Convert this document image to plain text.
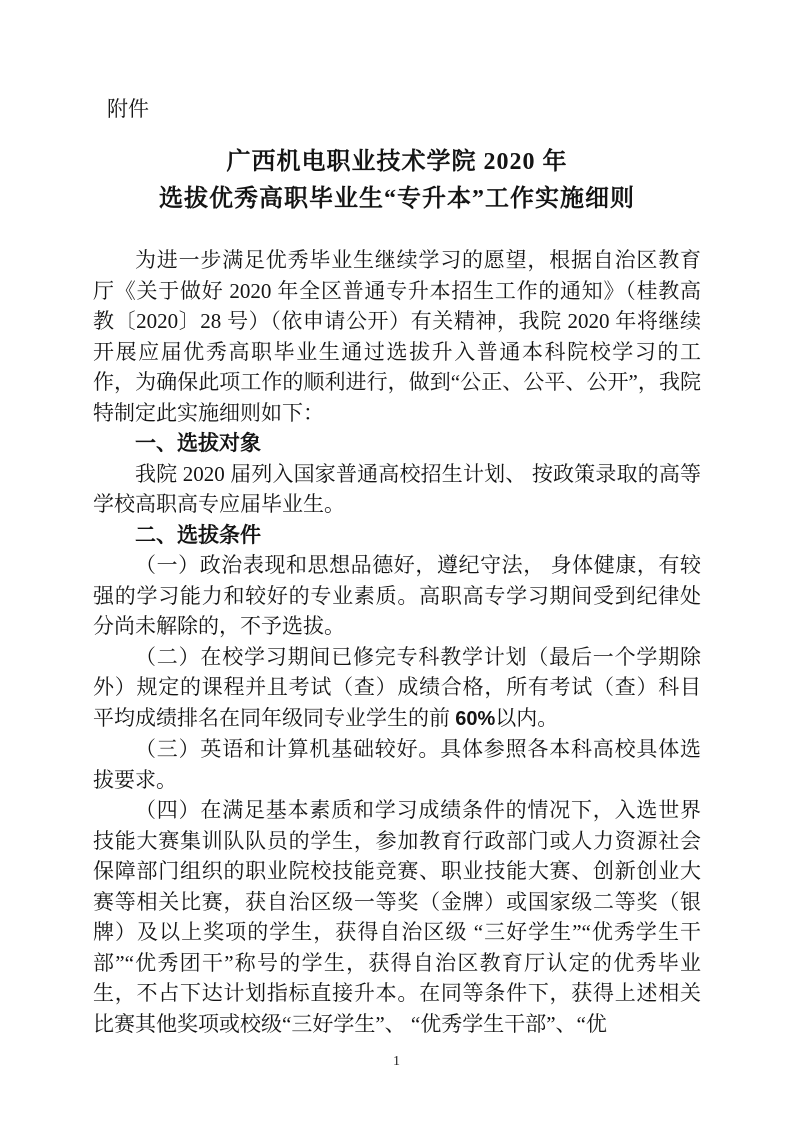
附件
广西机电职业技术学院 2020 年
选拔优秀高职毕业生“专升本”工作实施细则

为进一步满足优秀毕业生继续学习的愿望，根据自治区教育厅《关于做好 2020 年全区普通专升本招生工作的通知》（桂教高教〔2020〕28 号）（依申请公开）有关精神，我院 2020 年将继续开展应届优秀高职毕业生通过选拔升入普通本科院校学习的工作，为确保此项工作的顺利进行，做到“公正、公平、公开”，我院特制定此实施细则如下：

一、选拔对象

我院 2020 届列入国家普通高校招生计划、 按政策录取的高等学校高职高专应届毕业生。

二、选拔条件

（一）政治表现和思想品德好，遵纪守法， 身体健康，有较强的学习能力和较好的专业素质。高职高专学习期间受到纪律处分尚未解除的，不予选拔。

（二）在校学习期间已修完专科教学计划（最后一个学期除外）规定的课程并且考试（查）成绩合格，所有考试（查）科目平均成绩排名在同年级同专业学生的前 60%以内。

（三）英语和计算机基础较好。具体参照各本科高校具体选拔要求。

（四）在满足基本素质和学习成绩条件的情况下，入选世界技能大赛集训队队员的学生，参加教育行政部门或人力资源社会保障部门组织的职业院校技能竞赛、职业技能大赛、创新创业大赛等相关比赛，获自治区级一等奖（金牌）或国家级二等奖（银牌）及以上奖项的学生，获得自治区级 “三好学生”“优秀学生干部”“优秀团干”称号的学生，获得自治区教育厅认定的优秀毕业生，不占下达计划指标直接升本。在同等条件下，获得上述相关比赛其他奖项或校级“三好学生”、 “优秀学生干部”、“优

1
